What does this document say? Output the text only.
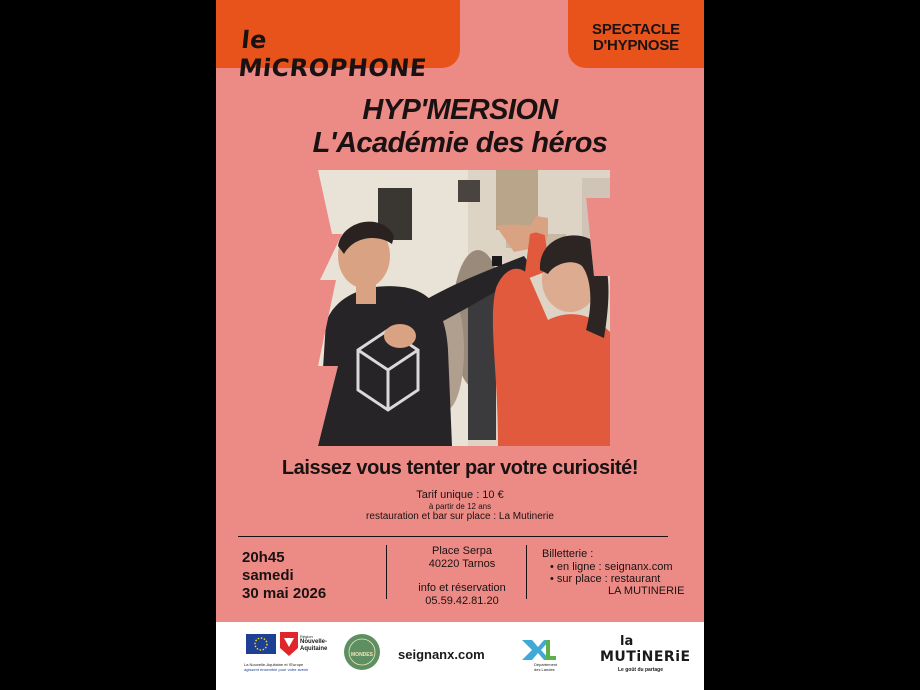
le MiCROPHONE
SPECTACLE
D'HYPNOSE
HYP'MERSION
L'Académie des héros
Laissez vous tenter par votre curiosité!
Tarif unique : 10 €
à partir de 12 ans
restauration et bar sur place : La Mutinerie
20h45
samedi
30 mai 2026
Place Serpa
40220 Tarnos
info et réservation
05.59.42.81.20
Billetterie :
• en ligne : seignanx.com
• sur place : restaurant
LA MUTINERIE
Région
Nouvelle-
Aquitaine
La Nouvelle-Aquitaine et l'Europe
agissent ensemble pour votre avenir
MONDES	seignanx.com
Département
des Landes
la
MUTiNERiE
Le goût du partage
